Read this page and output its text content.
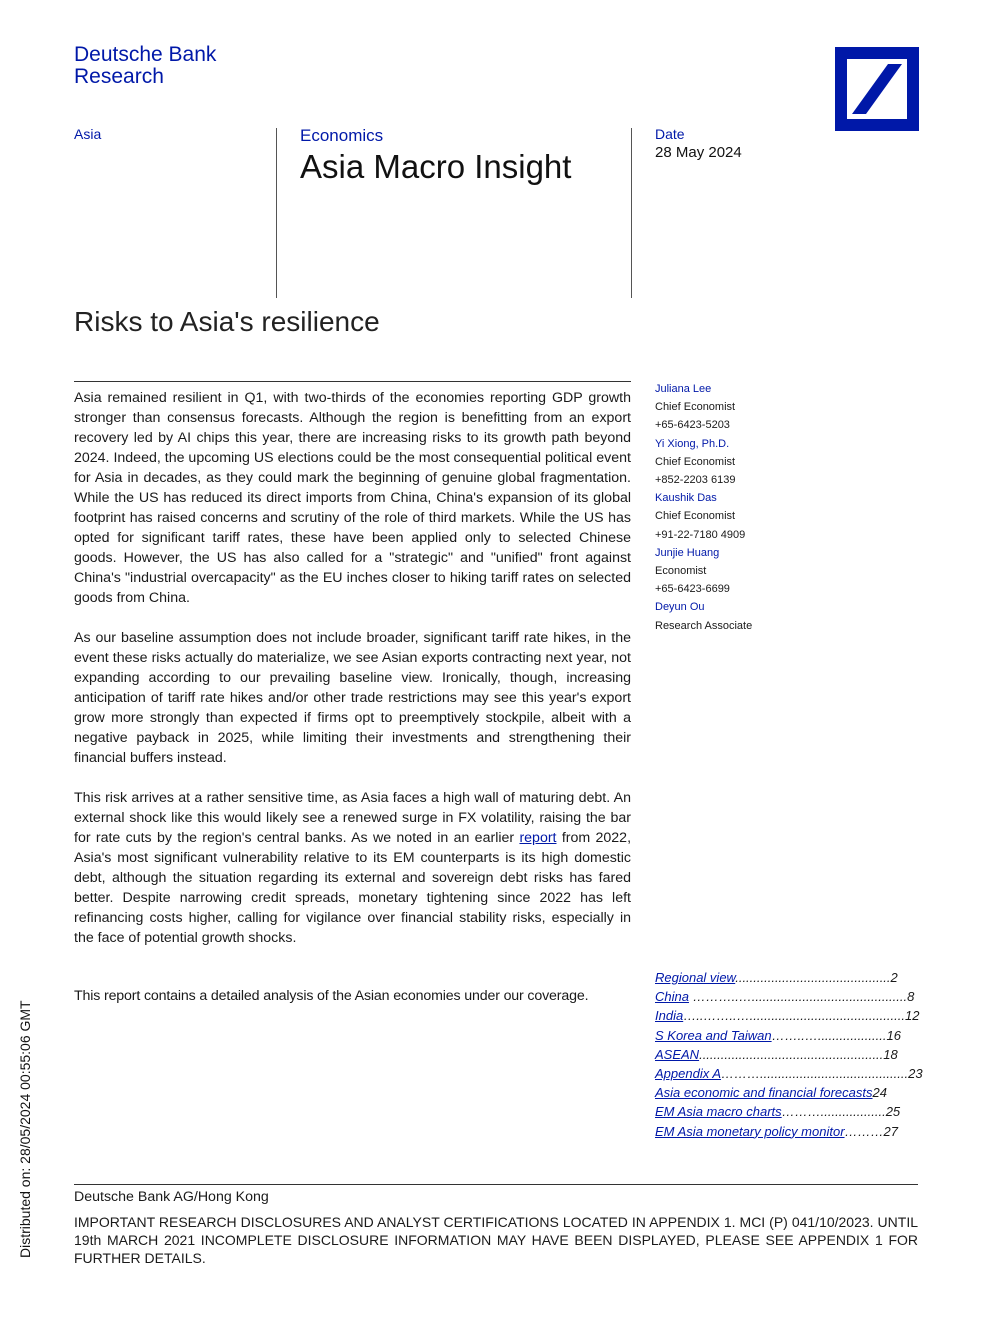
Deutsche Bank
Research
Asia	Economics
Asia Macro Insight
Date
28 May 2024
Risks to Asia's resilience

Asia remained resilient in Q1, with two-thirds of the economies reporting GDP growth stronger than consensus forecasts. Although the region is benefitting from an export recovery led by AI chips this year, there are increasing risks to its growth path beyond 2024. Indeed, the upcoming US elections could be the most consequential political event for Asia in decades, as they could mark the beginning of genuine global fragmentation. While the US has reduced its direct imports from China, China's expansion of its global footprint has raised concerns and scrutiny of the role of third markets. While the US has opted for significant tariff rates, these have been applied only to selected Chinese goods. However, the US has also called for a "strategic" and "unified" front against China's "industrial overcapacity" as the EU inches closer to hiking tariff rates on selected goods from China.

As our baseline assumption does not include broader, significant tariff rate hikes, in the event these risks actually do materialize, we see Asian exports contracting next year, not expanding according to our prevailing baseline view. Ironically, though, increasing anticipation of tariff rate hikes and/or other trade restrictions may see this year's export grow more strongly than expected if firms opt to preemptively stockpile, albeit with a negative payback in 2025, while limiting their investments and strengthening their financial buffers instead.

This risk arrives at a rather sensitive time, as Asia faces a high wall of maturing debt. An external shock like this would likely see a renewed surge in FX volatility, raising the bar for rate cuts by the region's central banks. As we noted in an earlier report from 2022, Asia's most significant vulnerability relative to its EM counterparts is its high domestic debt, although the situation regarding its external and sovereign debt risks has fared better. Despite narrowing credit spreads, monetary tightening since 2022 has left refinancing costs higher, calling for vigilance over financial stability risks, especially in the face of potential growth shocks.

Juliana Lee
Chief Economist
+65-6423-5203
Yi Xiong, Ph.D.
Chief Economist
+852-2203 6139
Kaushik Das
Chief Economist
+91-22-7180 4909
Junjie Huang
Economist
+65-6423-6699
Deyun Ou
Research Associate
This report contains a detailed analysis of the Asian economies under our coverage.
Regional view...........................................2
China ………..…...........................................8
India…..……..…...........................................12
S Korea and Taiwan……..…...................16
ASEAN...................................................18
Appendix A……….........................................23
Asia economic and financial forecasts24
EM Asia macro charts………..................25
EM Asia monetary policy monitor………27
Distributed on: 28/05/2024 00:55:06 GMT	Deutsche Bank AG/Hong Kong
IMPORTANT RESEARCH DISCLOSURES AND ANALYST CERTIFICATIONS LOCATED IN APPENDIX 1. MCI (P) 041/10/2023. UNTIL 19th MARCH 2021 INCOMPLETE DISCLOSURE INFORMATION MAY HAVE BEEN DISPLAYED, PLEASE SEE APPENDIX 1 FOR FURTHER DETAILS.
